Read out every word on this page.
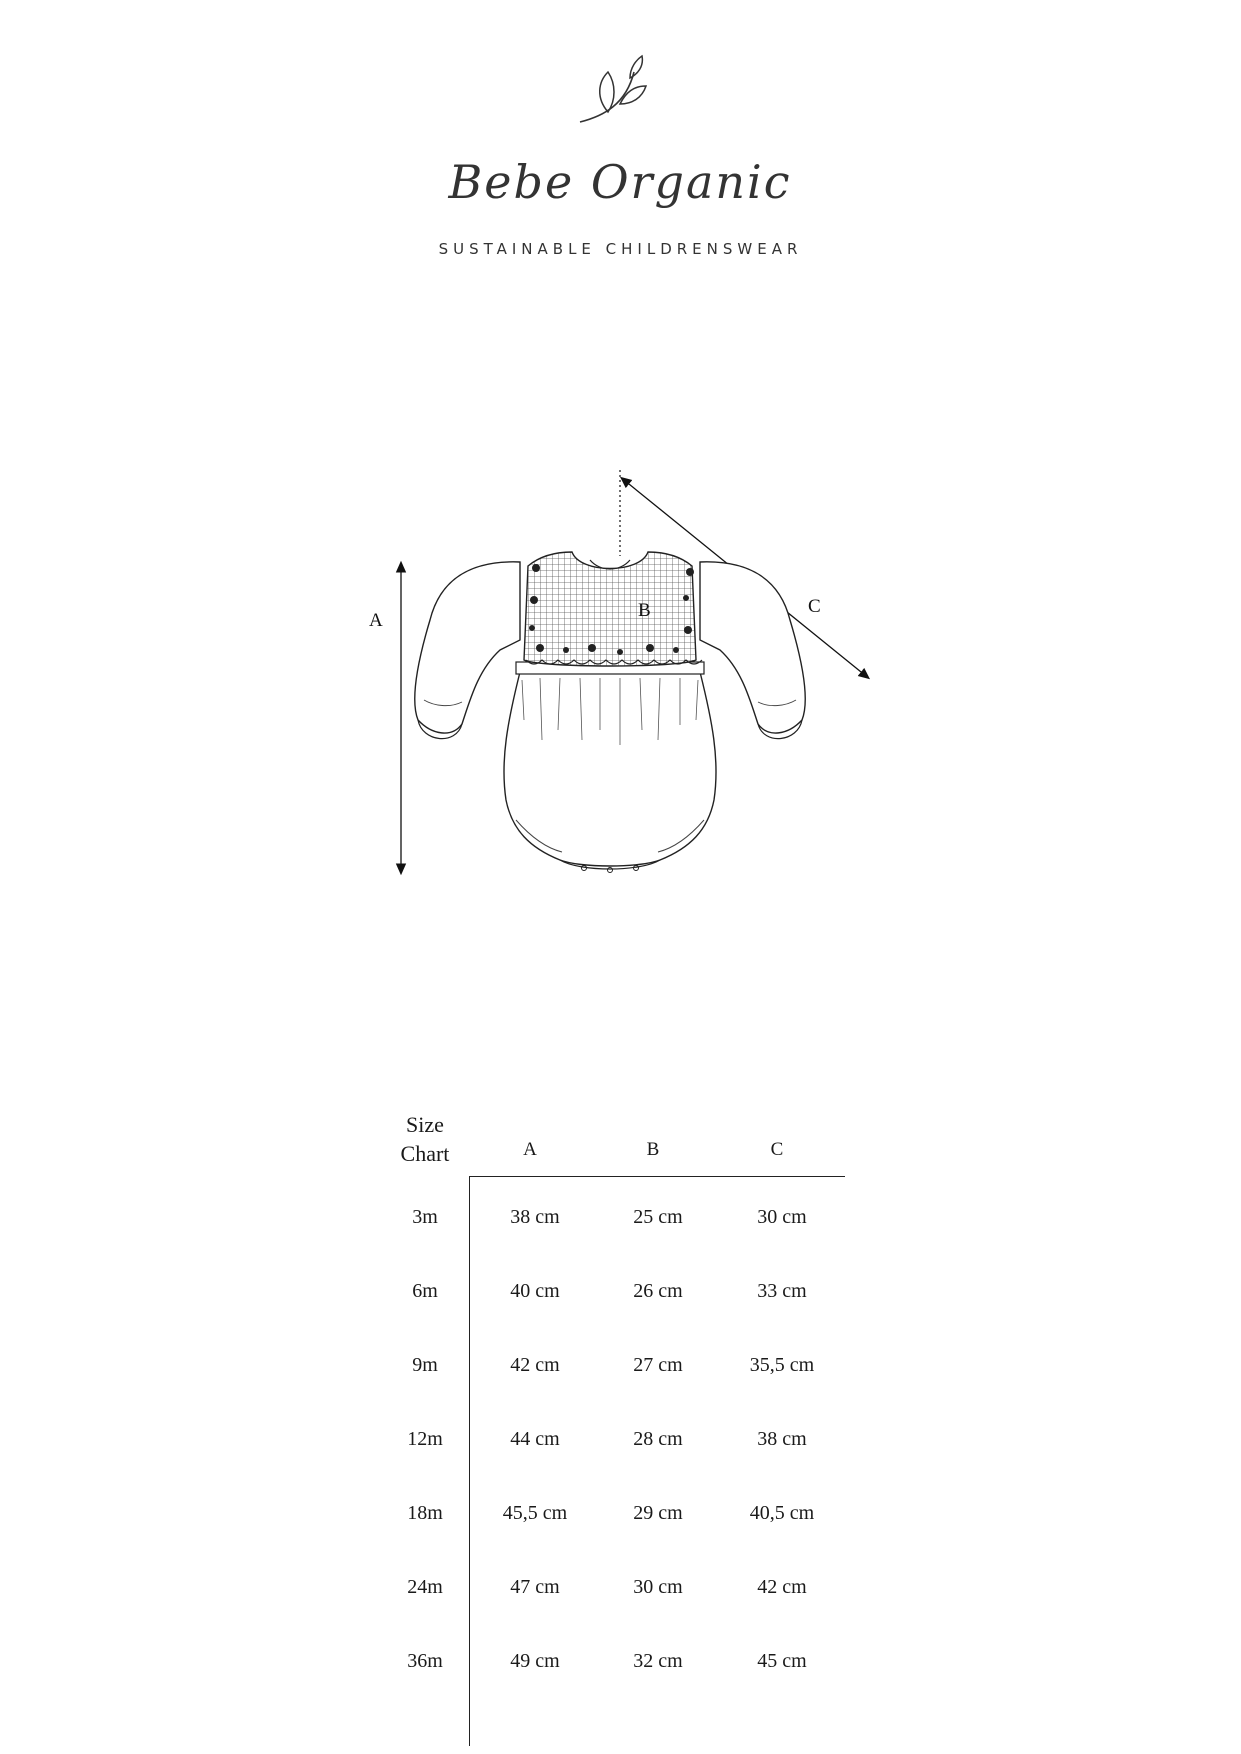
Bebe Organic
SUSTAINABLE CHILDRENSWEAR
A	B	C
Size
Chart	A	B	C
3m	38 cm	25 cm	30 cm
6m	40 cm	26 cm	33 cm
9m	42 cm	27 cm	35,5 cm
12m	44 cm	28 cm	38 cm
18m	45,5 cm	29 cm	40,5 cm
24m	47 cm	30 cm	42 cm
36m	49 cm	32 cm	45 cm
